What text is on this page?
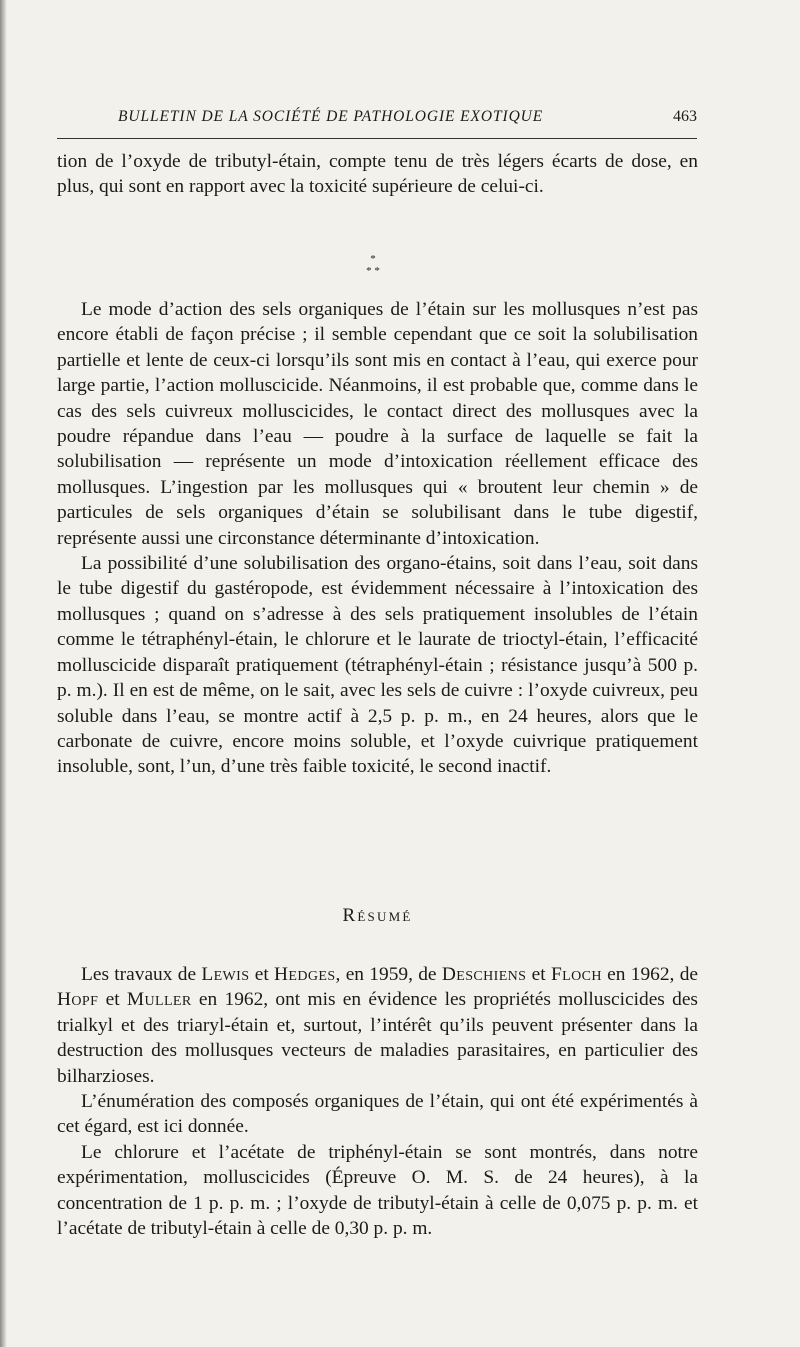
BULLETIN DE LA SOCIÉTÉ DE PATHOLOGIE EXOTIQUE	463

tion de l’oxyde de tributyl-étain, compte tenu de très légers écarts de dose, en plus, qui sont en rapport avec la toxicité supérieure de celui-ci.

*
* *

Le mode d’action des sels organiques de l’étain sur les mollusques n’est pas encore établi de façon précise ; il semble cependant que ce soit la solubilisation partielle et lente de ceux-ci lorsqu’ils sont mis en contact à l’eau, qui exerce pour large partie, l’action molluscicide. Néanmoins, il est probable que, comme dans le cas des sels cuivreux molluscicides, le contact direct des mollusques avec la poudre répandue dans l’eau — poudre à la surface de laquelle se fait la solubilisation — représente un mode d’intoxication réellement efficace des mollusques. L’ingestion par les mollusques qui « broutent leur chemin » de particules de sels organiques d’étain se solubilisant dans le tube digestif, représente aussi une circonstance déterminante d’intoxication.

La possibilité d’une solubilisation des organo-étains, soit dans l’eau, soit dans le tube digestif du gastéropode, est évidemment nécessaire à l’intoxication des mollusques ; quand on s’adresse à des sels pratiquement insolubles de l’étain comme le tétraphényl-étain, le chlorure et le laurate de trioctyl-étain, l’efficacité molluscicide disparaît pratiquement (tétraphényl-étain ; résistance jusqu’à 500 p. p. m.). Il en est de même, on le sait, avec les sels de cuivre : l’oxyde cuivreux, peu soluble dans l’eau, se montre actif à 2,5 p. p. m., en 24 heures, alors que le carbonate de cuivre, encore moins soluble, et l’oxyde cuivrique pratiquement insoluble, sont, l’un, d’une très faible toxicité, le second inactif.

Résumé

Les travaux de Lewis et Hedges, en 1959, de Deschiens et Floch en 1962, de Hopf et Muller en 1962, ont mis en évidence les propriétés molluscicides des trialkyl et des triaryl-étain et, surtout, l’intérêt qu’ils peuvent présenter dans la destruction des mollusques vecteurs de maladies parasitaires, en particulier des bilharzioses.

L’énumération des composés organiques de l’étain, qui ont été expérimentés à cet égard, est ici donnée.

Le chlorure et l’acétate de triphényl-étain se sont montrés, dans notre expérimentation, molluscicides (Épreuve O. M. S. de 24 heures), à la concentration de 1 p. p. m. ; l’oxyde de tributyl-étain à celle de 0,075 p. p. m. et l’acétate de tributyl-étain à celle de 0,30 p. p. m.
